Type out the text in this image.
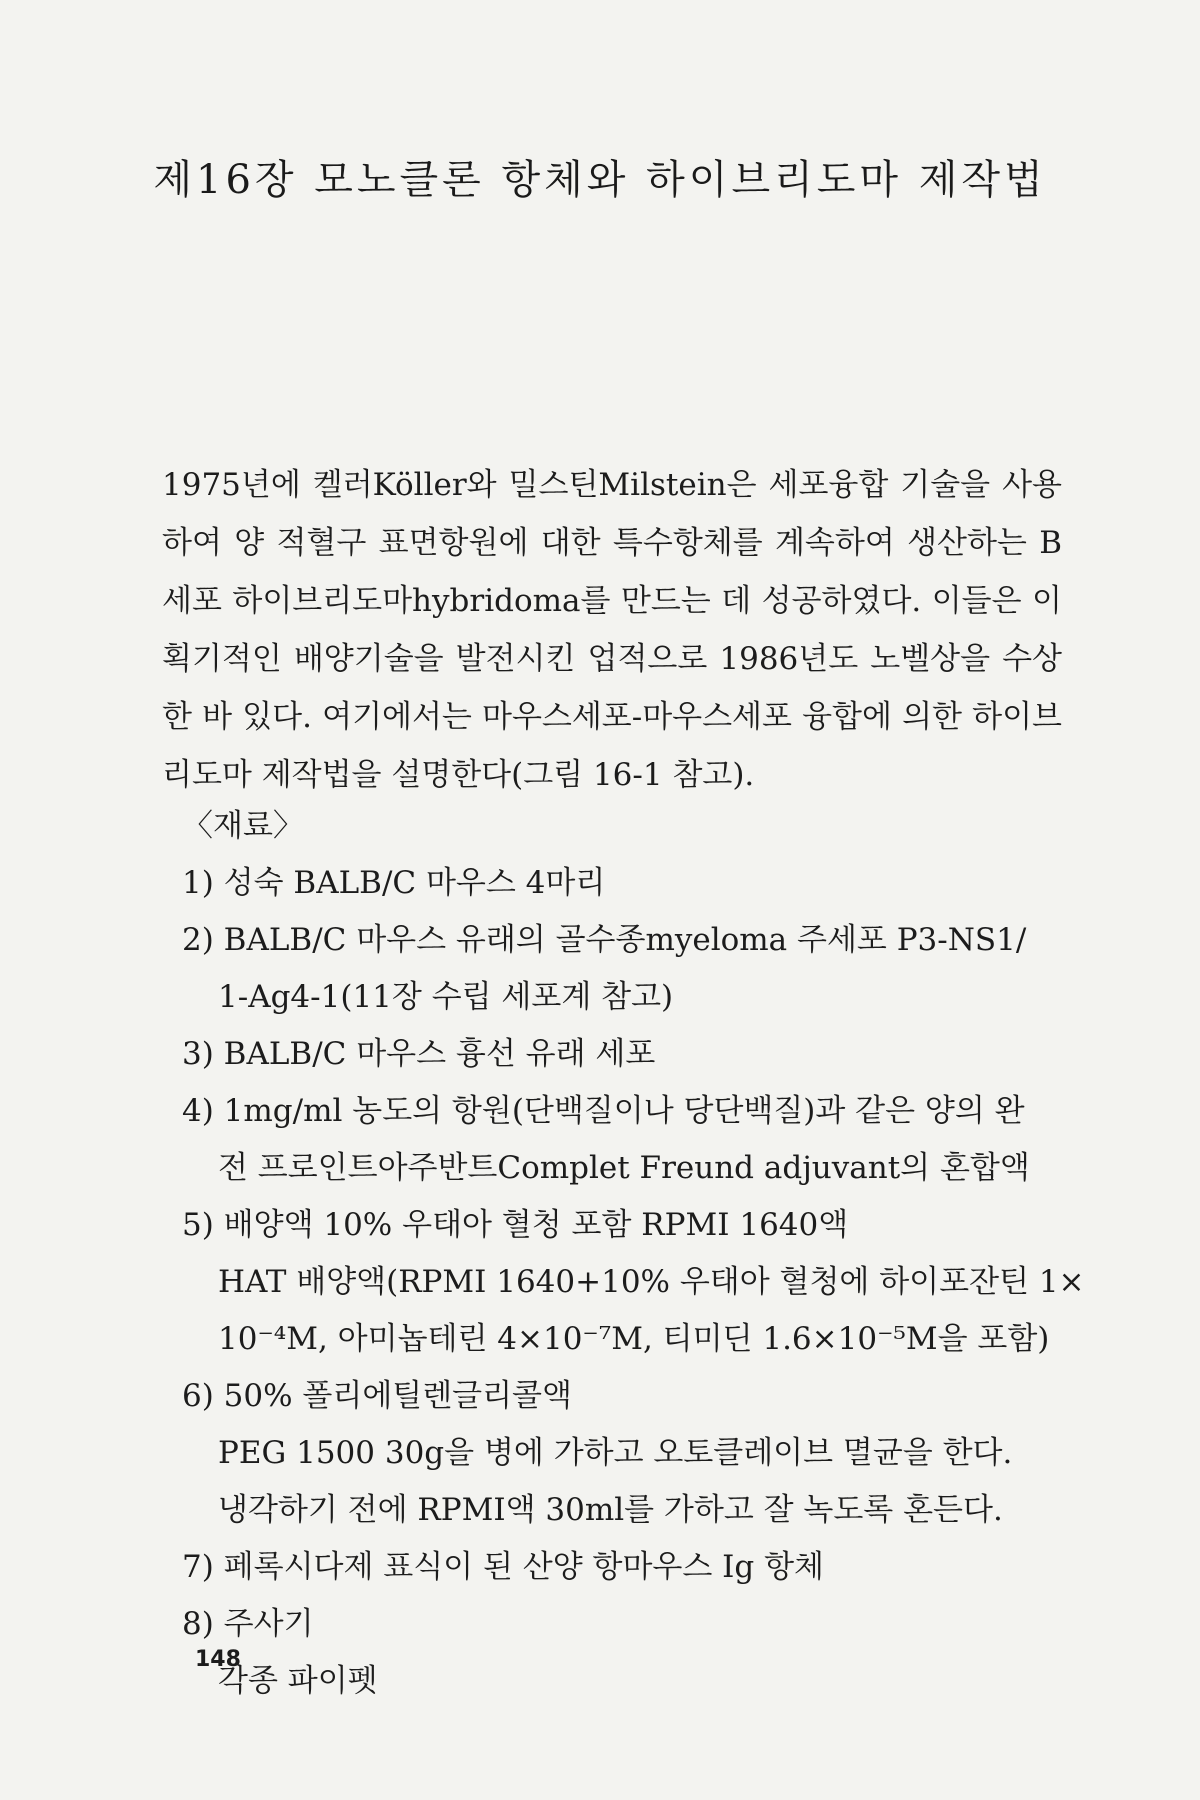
제16장 모노클론 항체와 하이브리도마 제작법

1975년에 켈러Köller와 밀스틴Milstein은 세포융합 기술을 사용하여 양 적혈구 표면항원에 대한 특수항체를 계속하여 생산하는 B세포 하이브리도마hybridoma를 만드는 데 성공하였다. 이들은 이 획기적인 배양기술을 발전시킨 업적으로 1986년도 노벨상을 수상한 바 있다. 여기에서는 마우스세포-마우스세포 융합에 의한 하이브리도마 제작법을 설명한다(그림 16-1 참고).

〈재료〉
1) 성숙 BALB/C 마우스 4마리
2) BALB/C 마우스 유래의 골수종myeloma 주세포 P3-NS1/
1-Ag4-1(11장 수립 세포계 참고)
3) BALB/C 마우스 흉선 유래 세포
4) 1mg/ml 농도의 항원(단백질이나 당단백질)과 같은 양의 완
전 프로인트아주반트Complet Freund adjuvant의 혼합액
5) 배양액 10% 우태아 혈청 포함 RPMI 1640액
HAT 배양액(RPMI 1640+10% 우태아 혈청에 하이포잔틴 1×
10⁻⁴M, 아미놉테린 4×10⁻⁷M, 티미딘 1.6×10⁻⁵M을 포함)
6) 50% 폴리에틸렌글리콜액
PEG 1500 30g을 병에 가하고 오토클레이브 멸균을 한다.
냉각하기 전에 RPMI액 30ml를 가하고 잘 녹도록 혼든다.
7) 페록시다제 표식이 된 산양 항마우스 Ig 항체
8) 주사기
각종 파이펫
148
